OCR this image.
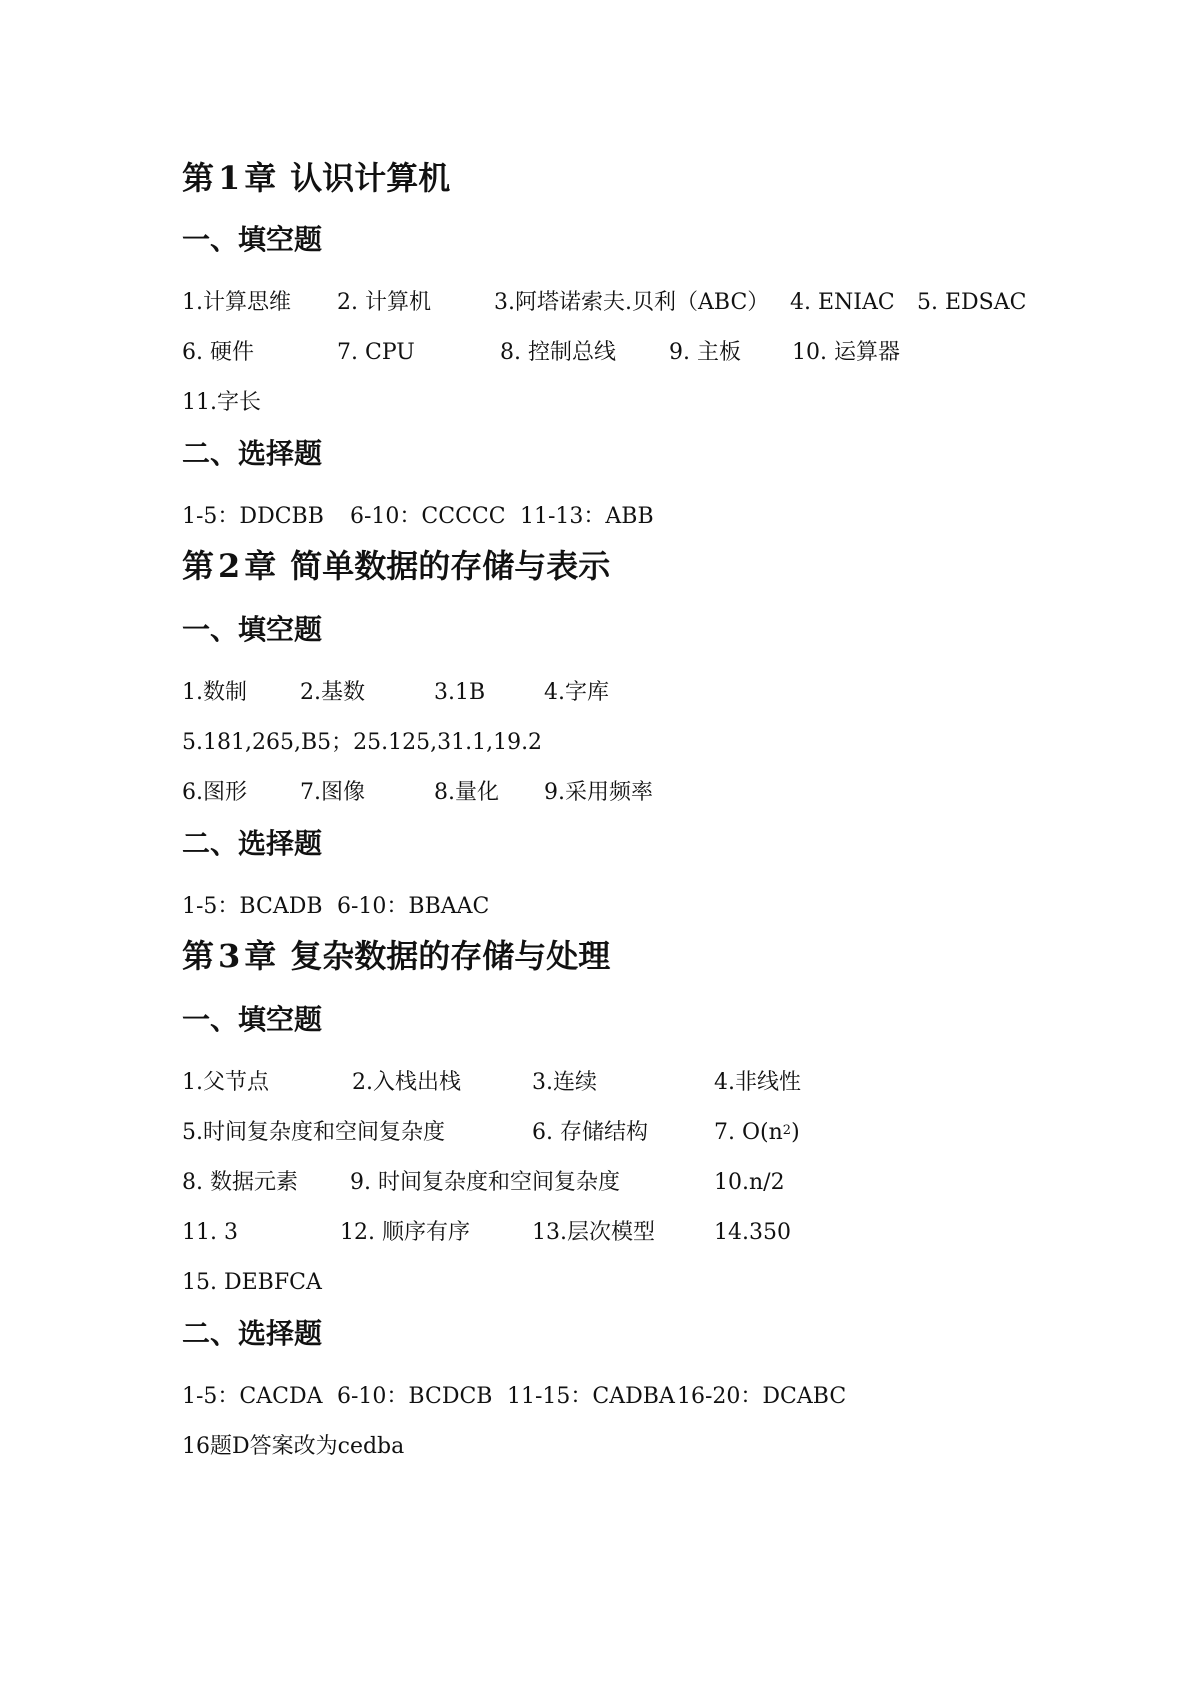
第 1 章 认识计算机
一、填空题
1.计算思维 2. 计算机	3.阿塔诺索夫.贝利（ABC） 4. ENIAC 5. EDSAC
6. 硬件	7. CPU	8. 控制总线 9. 主板 10. 运算器
11.字长
二、选择题
1-5：DDCBB 6-10：CCCCC 11-13：ABB
第 2 章 简单数据的存储与表示
一、填空题
1.数制 2.基数	3.1B	4.字库
5.181,265,B5；25.125,31.1,19.2
6.图形 7.图像	8.量化 9.采用频率
二、选择题
1-5：BCADB 6-10：BBAAC
第 3 章 复杂数据的存储与处理
一、填空题
1.父节点	2.入栈出栈	3.连续	4.非线性
5.时间复杂度和空间复杂度	6. 存储结构	7. $O(n^2)$
8. 数据元素 9. 时间复杂度和空间复杂度	10.n/2
11. 3	12. 顺序有序	13.层次模型	14.350
15. DEBFCA
二、选择题
1-5：CACDA 6-10：BCDCB 11-15：CADBA 16-20：DCABC
16题D答案改为cedba
